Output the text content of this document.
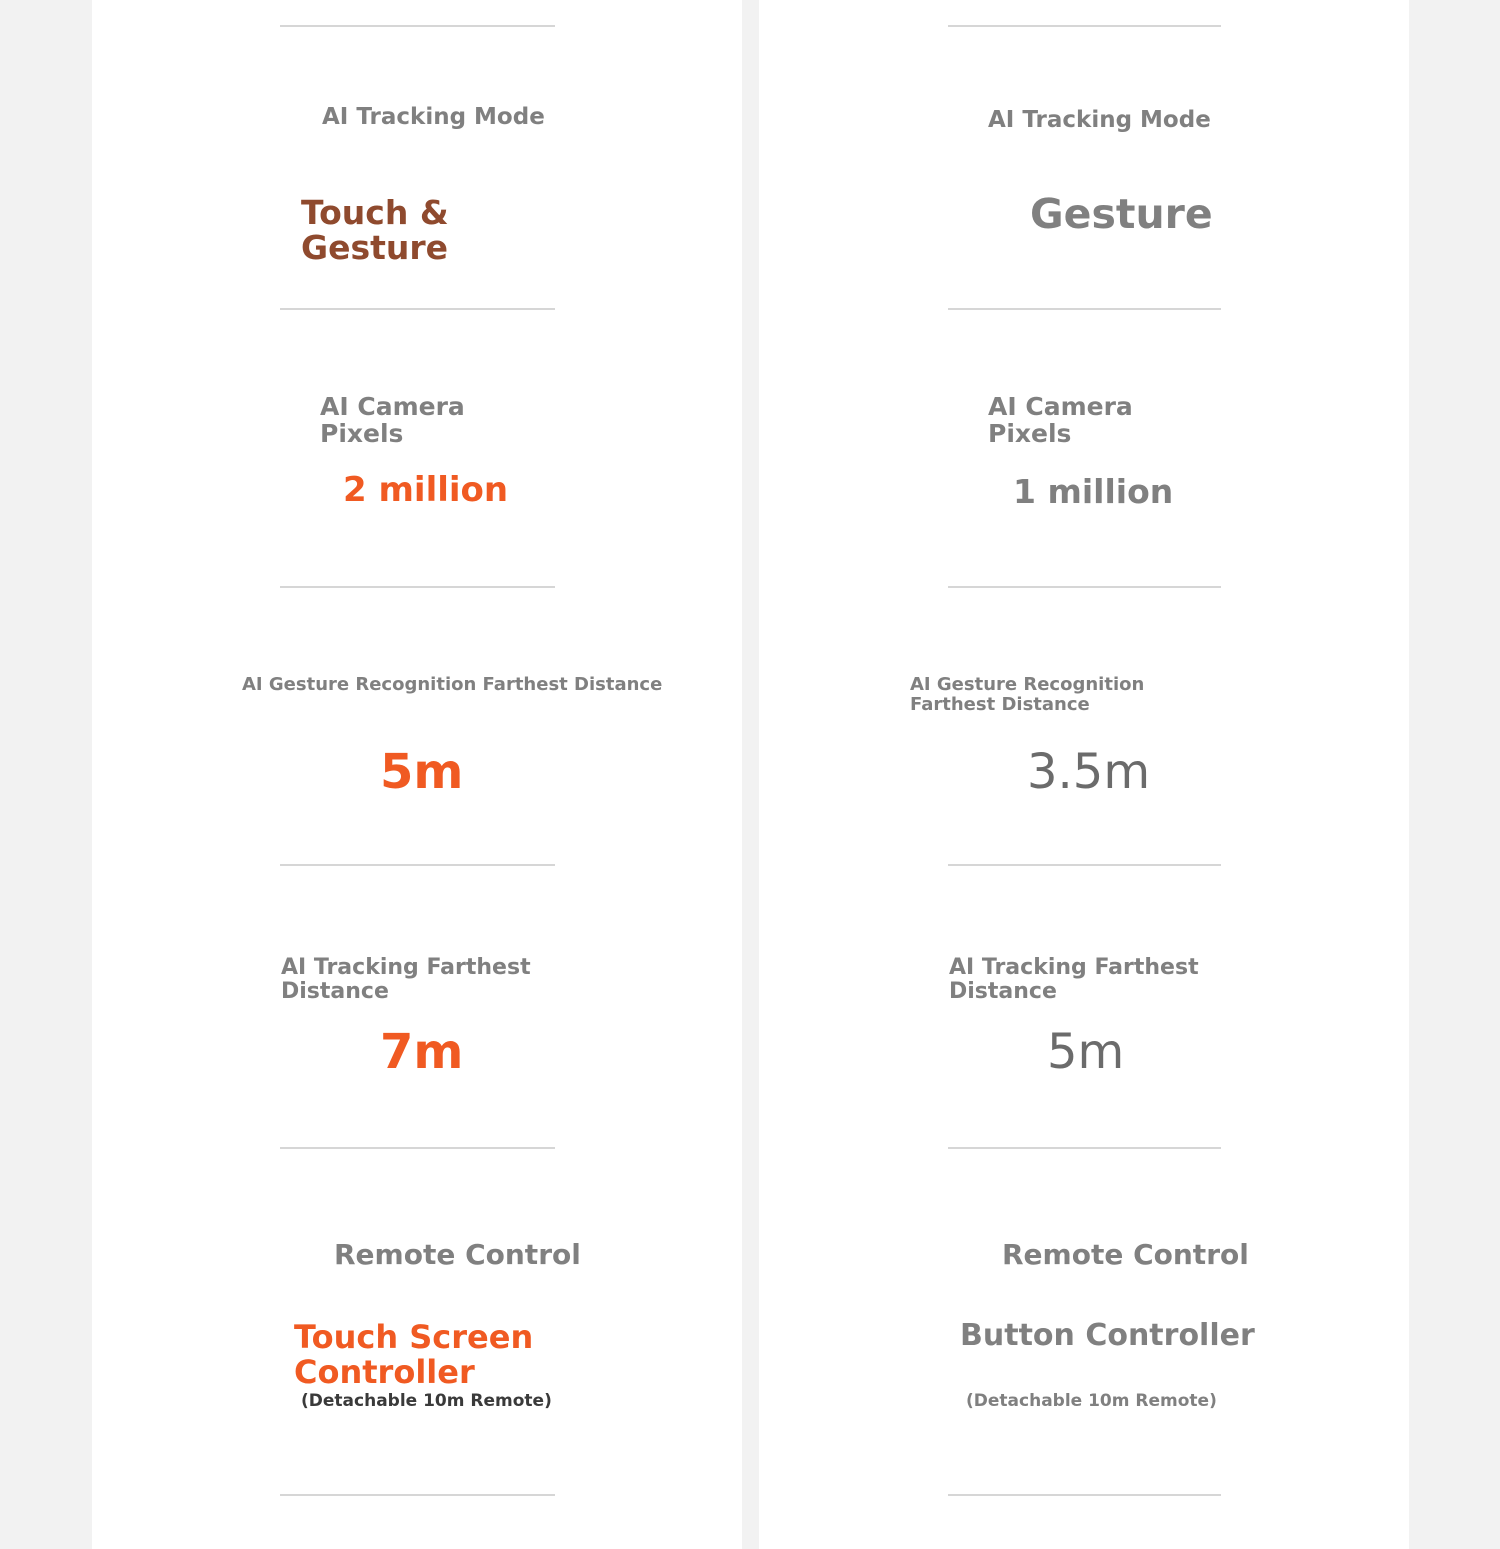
AI Tracking Mode

Touch &
Gesture

AI Camera
Pixels

2 million

AI Gesture Recognition Farthest Distance

5m

AI Tracking Farthest
Distance

7m

Remote Control

Touch Screen
Controller

(Detachable 10m Remote)

AI Tracking Mode

Gesture

AI Camera
Pixels

1 million

AI Gesture Recognition
Farthest Distance

3.5m

AI Tracking Farthest
Distance

5m

Remote Control

Button Controller

(Detachable 10m Remote)
